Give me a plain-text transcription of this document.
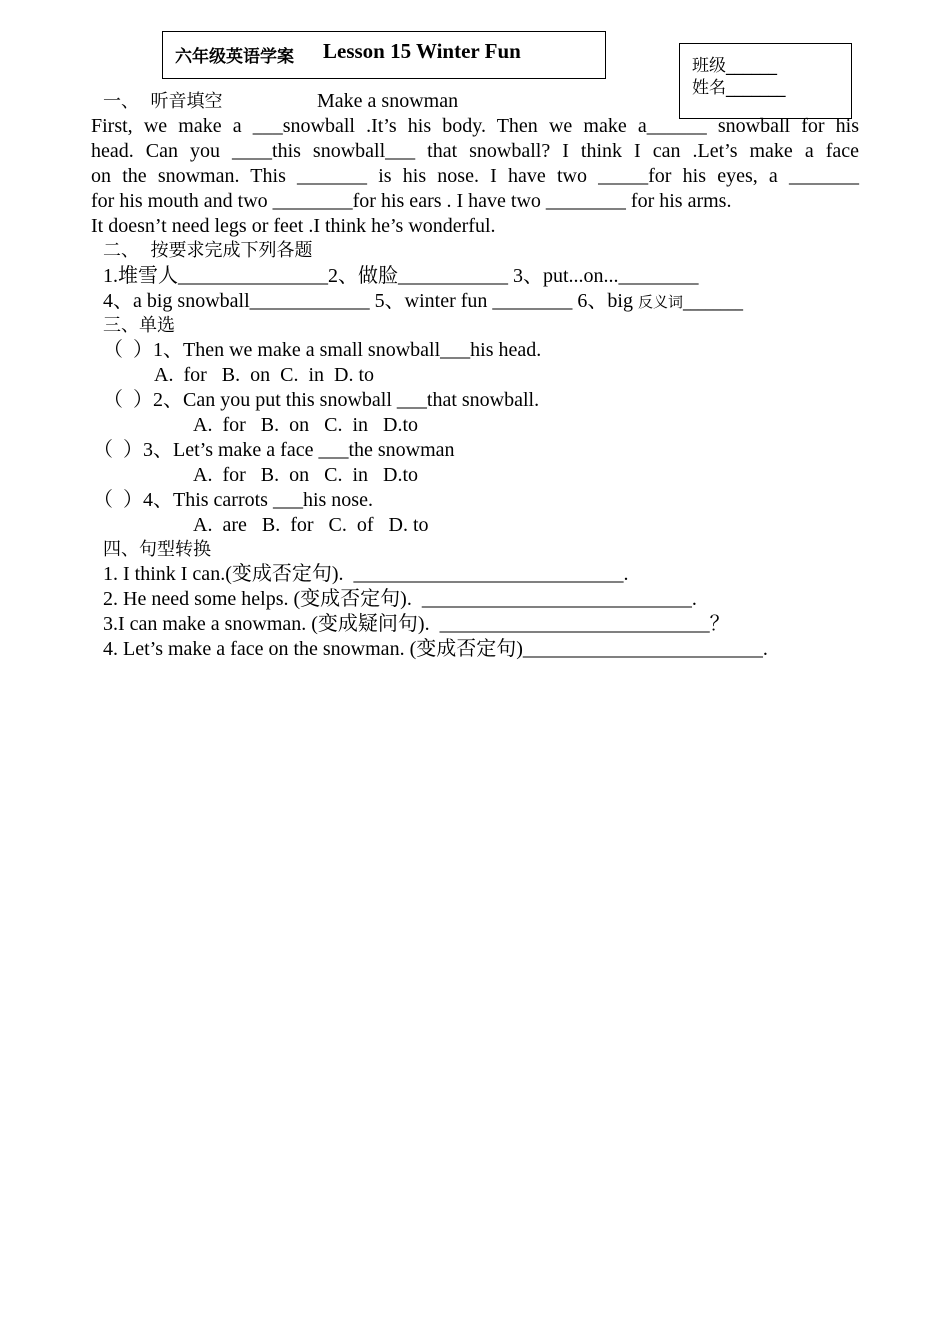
六年级英语学案 Lesson 15 Winter Fun
班级______
姓名_______
一、  听音填空	Make a snowman
First, we make a ___snowball .It’s his body. Then we make a______ snowball for his
head. Can you ____this snowball___ that snowball? I think I can .Let’s make a face
on the snowman. This _______ is his nose. I have two _____for his eyes, a _______
for his mouth and two ________for his ears . I have two ________ for his arms.
It doesn’t need legs or feet .I think he’s wonderful.
二、  按要求完成下列各题
1.堆雪人_______________2、做脸___________ 3、put...on...________
4、a big snowball____________ 5、winter fun ________ 6、big 反义词________
三、单选
（  ）1、Then we make a small snowball___his head.
A.  for   B.  on  C.  in  D. to
（  ）2、Can you put this snowball ___that snowball.
A.  for   B.  on   C.  in   D.to
（  ）3、Let’s make a face ___the snowman
A.  for   B.  on   C.  in   D.to
（  ）4、This carrots ___his nose.
A.  are   B.  for   C.  of   D. to
四、句型转换
1. I think I can.(变成否定句).  ___________________________.
2. He need some helps. (变成否定句).  ___________________________.
3.I can make a snowman. (变成疑问句).  ___________________________？
4. Let’s make a face on the snowman. (变成否定句)________________________.
